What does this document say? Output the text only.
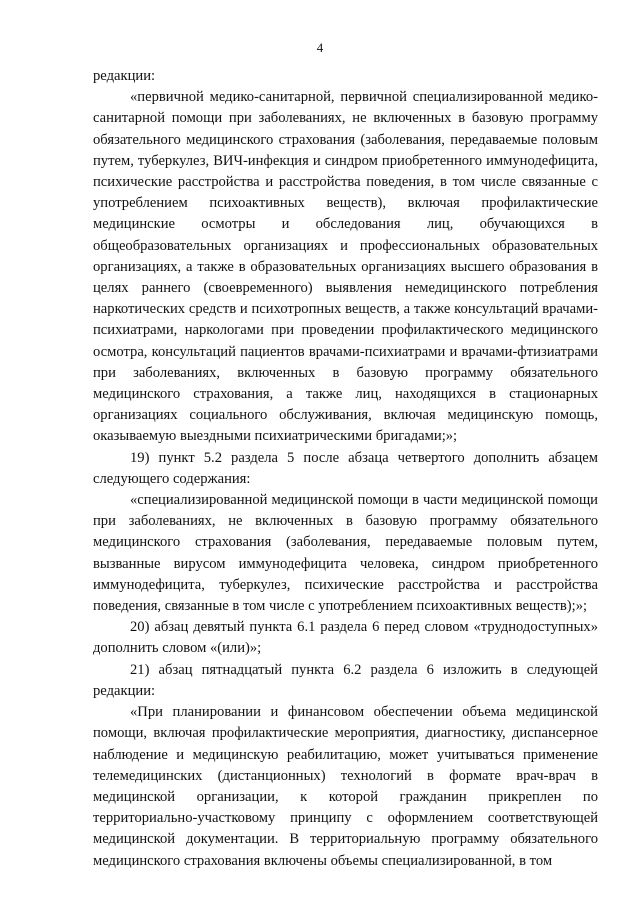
4

редакции:

«первичной медико-санитарной, первичной специализированной медико-санитарной помощи при заболеваниях, не включенных в базовую программу обязательного медицинского страхования (заболевания, передаваемые половым путем, туберкулез, ВИЧ-инфекция и синдром приобретенного иммунодефицита, психические расстройства и расстройства поведения, в том числе связанные с употреблением психоактивных веществ), включая профилактические медицинские осмотры и обследования лиц, обучающихся в общеобразовательных организациях и профессиональных образовательных организациях, а также в образовательных организациях высшего образования в целях раннего (своевременного) выявления немедицинского потребления наркотических средств и психотропных веществ, а также консультаций врачами-психиатрами, наркологами при проведении профилактического медицинского осмотра, консультаций пациентов врачами-психиатрами и врачами-фтизиатрами при заболеваниях, включенных в базовую программу обязательного медицинского страхования, а также лиц, находящихся в стационарных организациях социального обслуживания, включая медицинскую помощь, оказываемую выездными психиатрическими бригадами;»;

19) пункт 5.2 раздела 5 после абзаца четвертого дополнить абзацем следующего содержания:

«специализированной медицинской помощи в части медицинской помощи при заболеваниях, не включенных в базовую программу обязательного медицинского страхования (заболевания, передаваемые половым путем, вызванные вирусом иммунодефицита человека, синдром приобретенного иммунодефицита, туберкулез, психические расстройства и расстройства поведения, связанные в том числе с употреблением психоактивных веществ);»;

20) абзац девятый пункта 6.1 раздела 6 перед словом «труднодоступных» дополнить словом «(или)»;

21) абзац пятнадцатый пункта 6.2 раздела 6 изложить в следующей редакции:

«При планировании и финансовом обеспечении объема медицинской помощи, включая профилактические мероприятия, диагностику, диспансерное наблюдение и медицинскую реабилитацию, может учитываться применение телемедицинских (дистанционных) технологий в формате врач-врач в медицинской организации, к которой гражданин прикреплен по территориально-участковому принципу с оформлением соответствующей медицинской документации. В территориальную программу обязательного медицинского страхования включены объемы специализированной, в том
